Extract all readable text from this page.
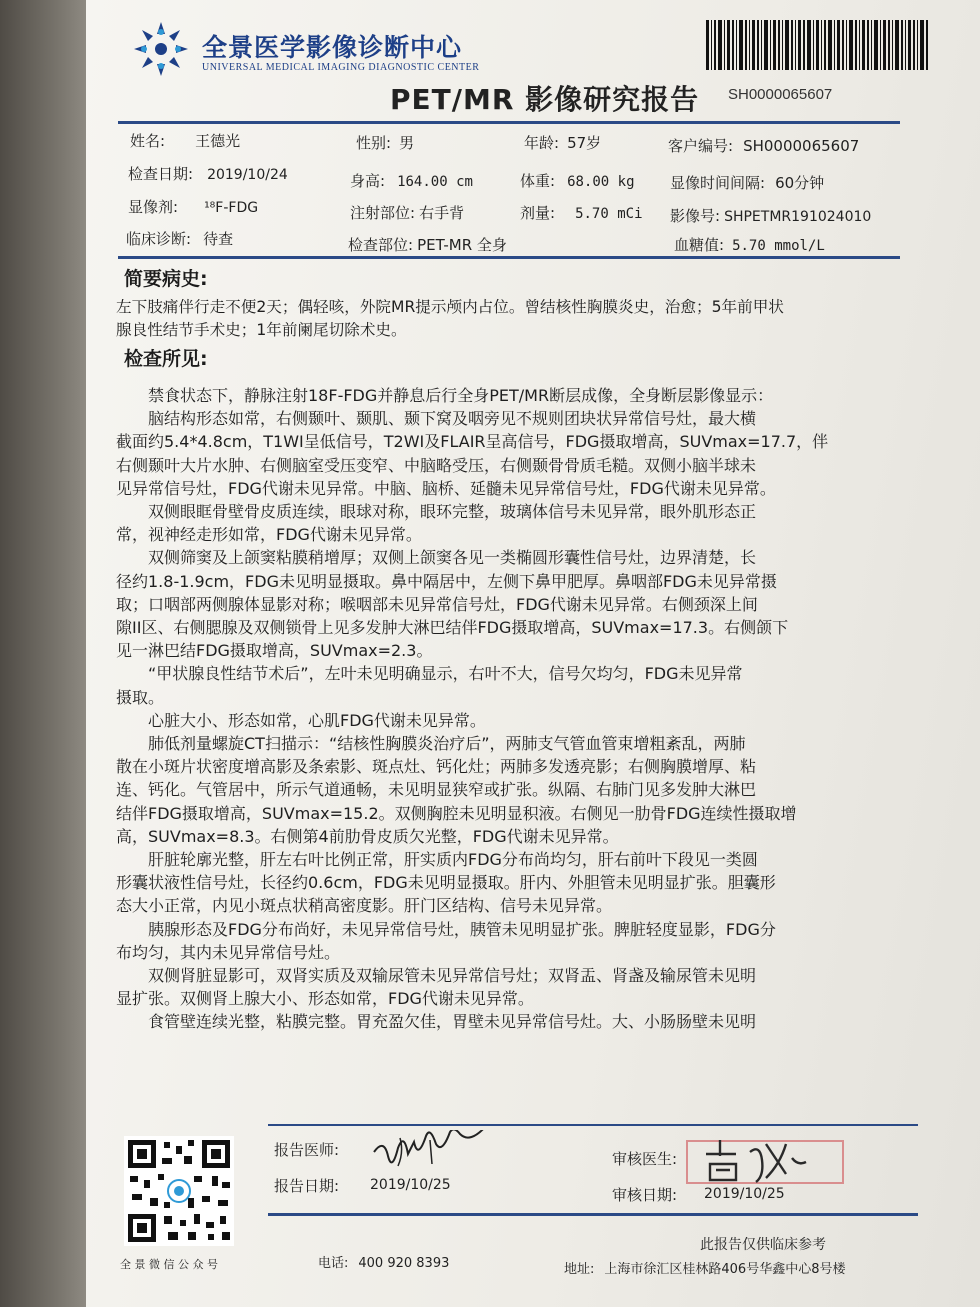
全景医学影像诊断中心
UNIVERSAL MEDICAL IMAGING DIAGNOSTIC CENTER
PET/MR 影像研究报告 SH0000065607
姓名: 王德光	性别: 男	年龄: 57岁	客户编号: SH0000065607
检查日期: 2019/10/24	身高: 164.00 cm	体重: 68.00 kg 显像时间间隔: 60分钟
显像剂: ¹⁸F-FDG	注射部位: 右手背	剂量: 5.70 mCi 影像号: SHPETMR191024010
临床诊断: 待查	检查部位: PET-MR 全身	血糖值: 5.70 mmol/L
简要病史:
左下肢痛伴行走不便2天；偶轻咳，外院MR提示颅内占位。曾结核性胸膜炎史，治愈；5年前甲状
腺良性结节手术史；1年前阑尾切除术史。
检查所见:
　　禁食状态下，静脉注射18F-FDG并静息后行全身PET/MR断层成像，全身断层影像显示：
　　脑结构形态如常，右侧颞叶、颞肌、颞下窝及咽旁见不规则团块状异常信号灶，最大横
截面约5.4*4.8cm，T1WI呈低信号，T2WI及FLAIR呈高信号，FDG摄取增高，SUVmax=17.7，伴
右侧颞叶大片水肿、右侧脑室受压变窄、中脑略受压，右侧颞骨骨质毛糙。双侧小脑半球未
见异常信号灶，FDG代谢未见异常。中脑、脑桥、延髓未见异常信号灶，FDG代谢未见异常。
　　双侧眼眶骨壁骨皮质连续，眼球对称，眼环完整，玻璃体信号未见异常，眼外肌形态正
常，视神经走形如常，FDG代谢未见异常。
　　双侧筛窦及上颌窦粘膜稍增厚；双侧上颌窦各见一类椭圆形囊性信号灶，边界清楚，长
径约1.8-1.9cm，FDG未见明显摄取。鼻中隔居中，左侧下鼻甲肥厚。鼻咽部FDG未见异常摄
取；口咽部两侧腺体显影对称；喉咽部未见异常信号灶，FDG代谢未见异常。右侧颈深上间
隙II区、右侧腮腺及双侧锁骨上见多发肿大淋巴结伴FDG摄取增高，SUVmax=17.3。右侧颌下
见一淋巴结FDG摄取增高，SUVmax=2.3。
　　“甲状腺良性结节术后”，左叶未见明确显示，右叶不大，信号欠均匀，FDG未见异常
摄取。
　　心脏大小、形态如常，心肌FDG代谢未见异常。
　　肺低剂量螺旋CT扫描示：“结核性胸膜炎治疗后”，两肺支气管血管束增粗紊乱，两肺
散在小斑片状密度增高影及条索影、斑点灶、钙化灶；两肺多发透亮影；右侧胸膜增厚、粘
连、钙化。气管居中，所示气道通畅，未见明显狭窄或扩张。纵隔、右肺门见多发肿大淋巴
结伴FDG摄取增高，SUVmax=15.2。双侧胸腔未见明显积液。右侧见一肋骨FDG连续性摄取增
高，SUVmax=8.3。右侧第4前肋骨皮质欠光整，FDG代谢未见异常。
　　肝脏轮廓光整，肝左右叶比例正常，肝实质内FDG分布尚均匀，肝右前叶下段见一类圆
形囊状液性信号灶，长径约0.6cm，FDG未见明显摄取。肝内、外胆管未见明显扩张。胆囊形
态大小正常，内见小斑点状稍高密度影。肝门区结构、信号未见异常。
　　胰腺形态及FDG分布尚好，未见异常信号灶，胰管未见明显扩张。脾脏轻度显影，FDG分
布均匀，其内未见异常信号灶。
　　双侧肾脏显影可，双肾实质及双输尿管未见异常信号灶；双肾盂、肾盏及输尿管未见明
显扩张。双侧肾上腺大小、形态如常，FDG代谢未见异常。
　　食管壁连续光整，粘膜完整。胃充盈欠佳，胃壁未见异常信号灶。大、小肠肠壁未见明
全 景 微 信 公 众 号
报告医师:
报告日期: 2019/10/25
审核医生:
审核日期: 2019/10/25
此报告仅供临床参考
电话: 400 920 8393	地址: 上海市徐汇区桂林路406号华鑫中心8号楼
